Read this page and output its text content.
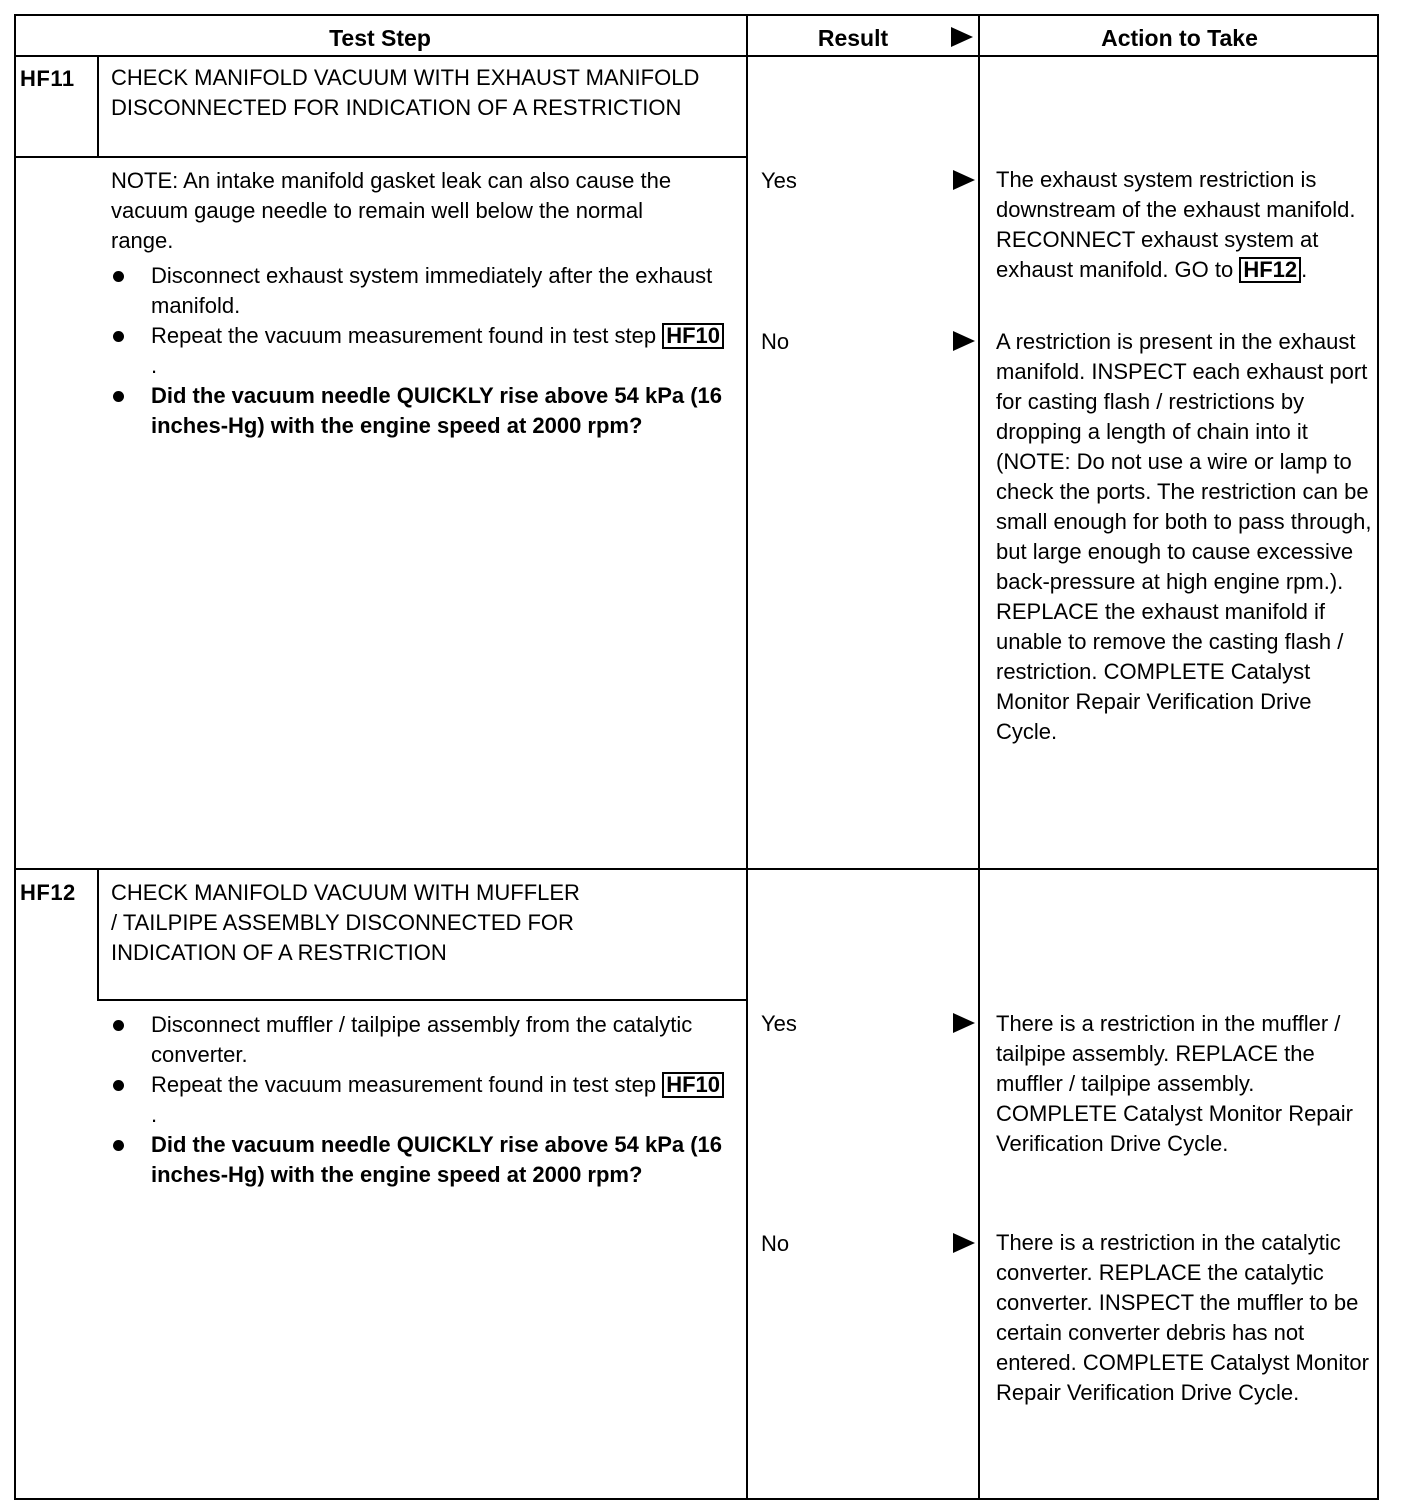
Test Step	Result	Action to Take
HF11 CHECK MANIFOLD VACUUM WITH EXHAUST MANIFOLD DISCONNECTED FOR INDICATION OF A RESTRICTION

NOTE: An intake manifold gasket leak can also cause the vacuum gauge needle to remain well below the normal range.

Disconnect exhaust system immediately after the exhaust manifold.
Repeat the vacuum measurement found in test step HF10.
Did the vacuum needle QUICKLY rise above 54 kPa (16 inches-Hg) with the engine speed at 2000 rpm?
Yes	The exhaust system restriction is downstream of the exhaust manifold. RECONNECT exhaust system at exhaust manifold. GO to HF12 .

No	A restriction is present in the exhaust manifold. INSPECT each exhaust port for casting flash / restrictions by dropping a length of chain into it (NOTE: Do not use a wire or lamp to check the ports. The restriction can be small enough for both to pass through, but large enough to cause excessive back-pressure at high engine rpm.). REPLACE the exhaust manifold if unable to remove the casting flash / restriction. COMPLETE Catalyst Monitor Repair Verification Drive Cycle.

HF12 CHECK MANIFOLD VACUUM WITH MUFFLER / TAILPIPE ASSEMBLY DISCONNECTED FOR INDICATION OF A RESTRICTION

Disconnect muffler / tailpipe assembly from the catalytic converter.
Repeat the vacuum measurement found in test step HF10.
Did the vacuum needle QUICKLY rise above 54 kPa (16 inches-Hg) with the engine speed at 2000 rpm?
Yes	There is a restriction in the muffler / tailpipe assembly. REPLACE the muffler / tailpipe assembly. COMPLETE Catalyst Monitor Repair Verification Drive Cycle.

No	There is a restriction in the catalytic converter. REPLACE the catalytic converter. INSPECT the muffler to be certain converter debris has not entered. COMPLETE Catalyst Monitor Repair Verification Drive Cycle.
